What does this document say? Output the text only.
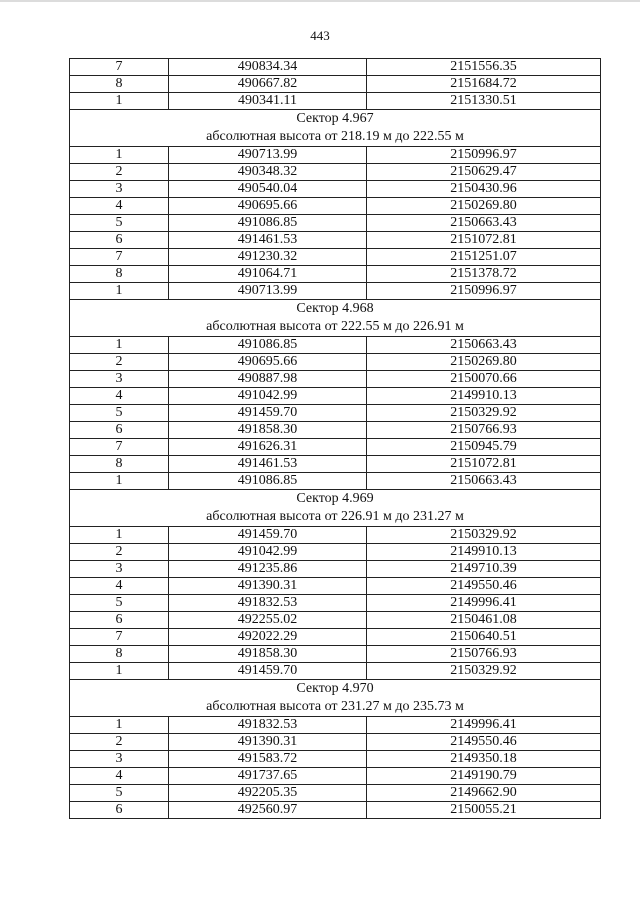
443
7	490834.34	2151556.35
8	490667.82	2151684.72
1	490341.11	2151330.51
Сектор 4.967		
абсолютная высота от 218.19 м до 222.55 м		
1	490713.99	2150996.97
2	490348.32	2150629.47
3	490540.04	2150430.96
4	490695.66	2150269.80
5	491086.85	2150663.43
6	491461.53	2151072.81
7	491230.32	2151251.07
8	491064.71	2151378.72
1	490713.99	2150996.97
Сектор 4.968		
абсолютная высота от 222.55 м до 226.91 м		
1	491086.85	2150663.43
2	490695.66	2150269.80
3	490887.98	2150070.66
4	491042.99	2149910.13
5	491459.70	2150329.92
6	491858.30	2150766.93
7	491626.31	2150945.79
8	491461.53	2151072.81
1	491086.85	2150663.43
Сектор 4.969		
абсолютная высота от 226.91 м до 231.27 м		
1	491459.70	2150329.92
2	491042.99	2149910.13
3	491235.86	2149710.39
4	491390.31	2149550.46
5	491832.53	2149996.41
6	492255.02	2150461.08
7	492022.29	2150640.51
8	491858.30	2150766.93
1	491459.70	2150329.92
Сектор 4.970		
абсолютная высота от 231.27 м до 235.73 м		
1	491832.53	2149996.41
2	491390.31	2149550.46
3	491583.72	2149350.18
4	491737.65	2149190.79
5	492205.35	2149662.90
6	492560.97	2150055.21
